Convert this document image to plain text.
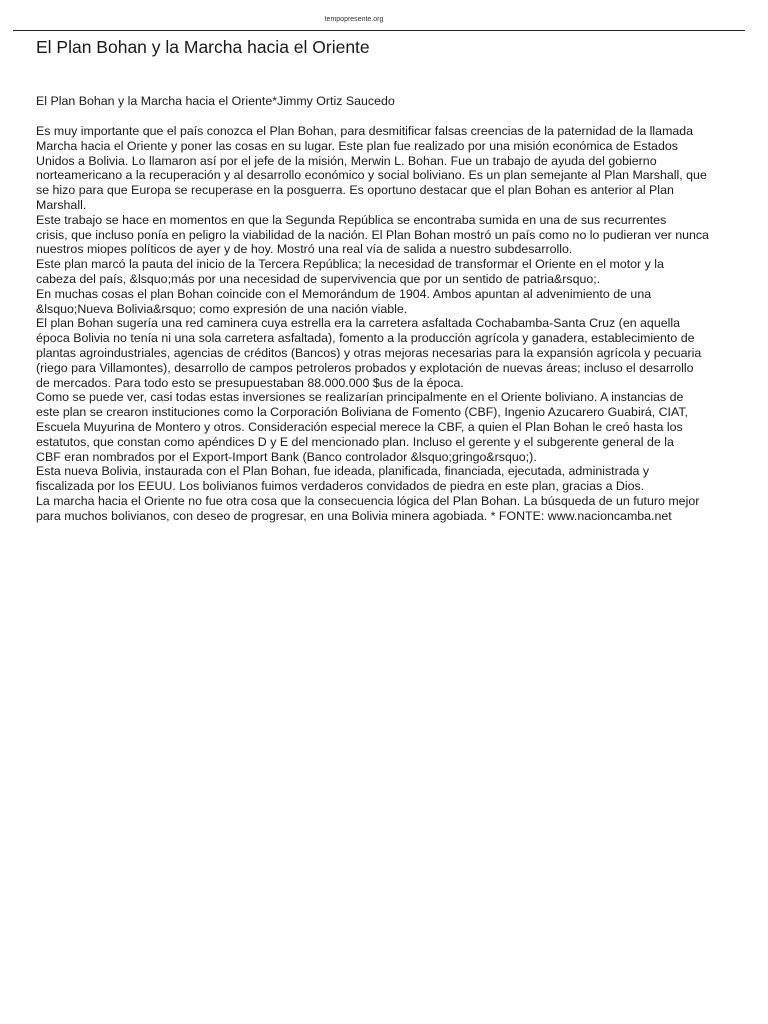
tempopresente.org
El Plan Bohan y la Marcha hacia el Oriente

El Plan Bohan y la Marcha hacia el Oriente*Jimmy Ortiz Saucedo

Es muy importante que el país conozca el Plan Bohan, para desmitificar falsas creencias de la paternidad de la llamada
Marcha hacia el Oriente y poner las cosas en su lugar. Este plan fue realizado por una misión económica de Estados
Unidos a Bolivia. Lo llamaron así por el jefe de la misión, Merwin L. Bohan. Fue un trabajo de ayuda del gobierno
norteamericano a la recuperación y al desarrollo económico y social boliviano. Es un plan semejante al Plan Marshall, que
se hizo para que Europa se recuperase en la posguerra. Es oportuno destacar que el plan Bohan es anterior al Plan
Marshall.
Este trabajo se hace en momentos en que la Segunda República se encontraba sumida en una de sus recurrentes
crisis, que incluso ponía en peligro la viabilidad de la nación. El Plan Bohan mostró un país como no lo pudieran ver nunca
nuestros miopes políticos de ayer y de hoy. Mostró una real vía de salida a nuestro subdesarrollo.
Este plan marcó la pauta del inicio de la Tercera República; la necesidad de transformar el Oriente en el motor y la
cabeza del país, &lsquo;más por una necesidad de supervivencia que por un sentido de patria&rsquo;.
En muchas cosas el plan Bohan coincide con el Memorándum de 1904. Ambos apuntan al advenimiento de una
&lsquo;Nueva Bolivia&rsquo; como expresión de una nación viable.
El plan Bohan sugería una red caminera cuya estrella era la carretera asfaltada Cochabamba-Santa Cruz (en aquella
época Bolivia no tenía ni una sola carretera asfaltada), fomento a la producción agrícola y ganadera, establecimiento de
plantas agroindustriales, agencias de créditos (Bancos) y otras mejoras necesarias para la expansión agrícola y pecuaria
(riego para Villamontes), desarrollo de campos petroleros probados y explotación de nuevas áreas; incluso el desarrollo
de mercados. Para todo esto se presupuestaban 88.000.000 $us de la época.
Como se puede ver, casi todas estas inversiones se realizarían principalmente en el Oriente boliviano. A instancias de
este plan se crearon instituciones como la Corporación Boliviana de Fomento (CBF), Ingenio Azucarero Guabirá, CIAT,
Escuela Muyurina de Montero y otros. Consideración especial merece la CBF, a quien el Plan Bohan le creó hasta los
estatutos, que constan como apéndices D y E del mencionado plan. Incluso el gerente y el subgerente general de la
CBF eran nombrados por el Export-Import Bank (Banco controlador &lsquo;gringo&rsquo;).
Esta nueva Bolivia, instaurada con el Plan Bohan, fue ideada, planificada, financiada, ejecutada, administrada y
fiscalizada por los EEUU. Los bolivianos fuimos verdaderos convidados de piedra en este plan, gracias a Dios.
La marcha hacia el Oriente no fue otra cosa que la consecuencia lógica del Plan Bohan. La búsqueda de un futuro mejor
para muchos bolivianos, con deseo de progresar, en una Bolivia minera agobiada. * FONTE: www.nacioncamba.net
